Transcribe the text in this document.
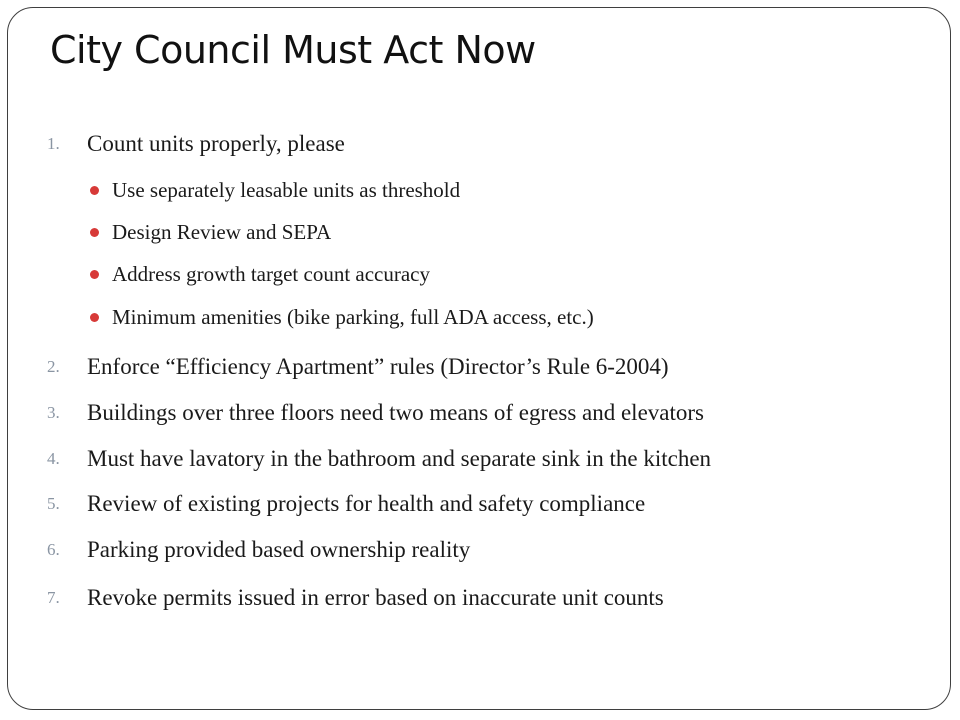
City Council Must Act Now
1. Count units properly, please
Use separately leasable units as threshold
Design Review and SEPA
Address growth target count accuracy
Minimum amenities (bike parking, full ADA access, etc.)
2. Enforce “Efficiency Apartment” rules (Director’s Rule 6-2004)
3. Buildings over three floors need two means of egress and elevators
4. Must have lavatory in the bathroom and separate sink in the kitchen
5. Review of existing projects for health and safety compliance
6. Parking provided based ownership reality
7. Revoke permits issued in error based on inaccurate unit counts
